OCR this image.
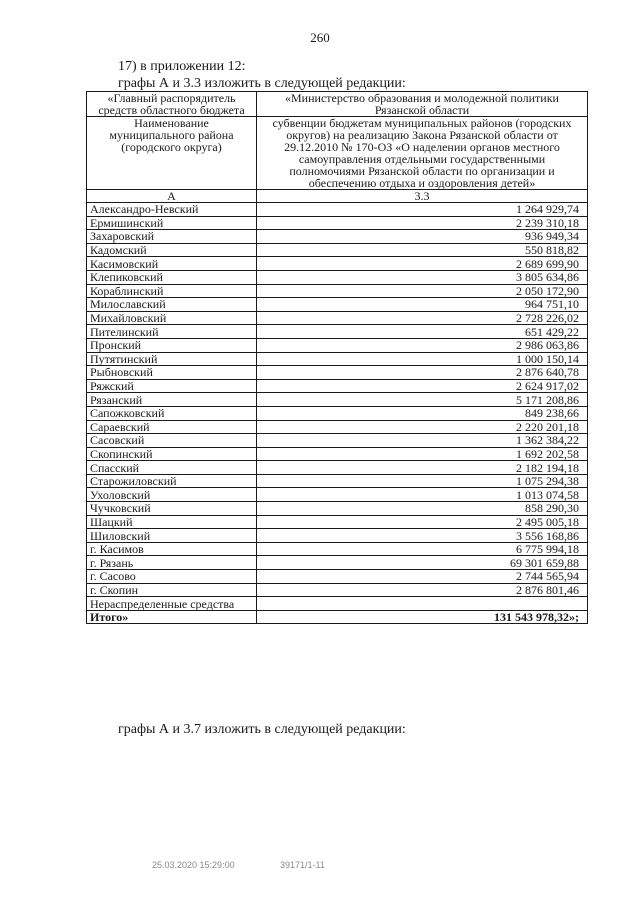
260
17) в приложении 12:
графы А и 3.3 изложить в следующей редакции:
«Главный распорядитель средств областного бюджета	«Министерство образования и молодежной политики Рязанской области
Наименование муниципального района (городского округа)	субвенции бюджетам муниципальных районов (городских округов) на реализацию Закона Рязанской области от 29.12.2010 № 170-ОЗ «О наделении органов местного самоуправления отдельными государственными полномочиями Рязанской области по организации и обеспечению отдыха и оздоровления детей»
А	3.3
Александро-Невский	1 264 929,74
Ермишинский	2 239 310,18
Захаровский	936 949,34
Кадомский	550 818,82
Касимовский	2 689 699,90
Клепиковский	3 805 634,86
Кораблинский	2 050 172,90
Милославский	964 751,10
Михайловский	2 728 226,02
Пителинский	651 429,22
Пронский	2 986 063,86
Путятинский	1 000 150,14
Рыбновский	2 876 640,78
Ряжский	2 624 917,02
Рязанский	5 171 208,86
Сапожковский	849 238,66
Сараевский	2 220 201,18
Сасовский	1 362 384,22
Скопинский	1 692 202,58
Спасский	2 182 194,18
Старожиловский	1 075 294,38
Ухоловский	1 013 074,58
Чучковский	858 290,30
Шацкий	2 495 005,18
Шиловский	3 556 168,86
г. Касимов	6 775 994,18
г. Рязань	69 301 659,88
г. Сасово	2 744 565,94
г. Скопин	2 876 801,46
Нераспределенные средства	
Итого»	131 543 978,32»;
графы А и 3.7 изложить в следующей редакции:
25.03.2020 15:29:00	39171/1-11
